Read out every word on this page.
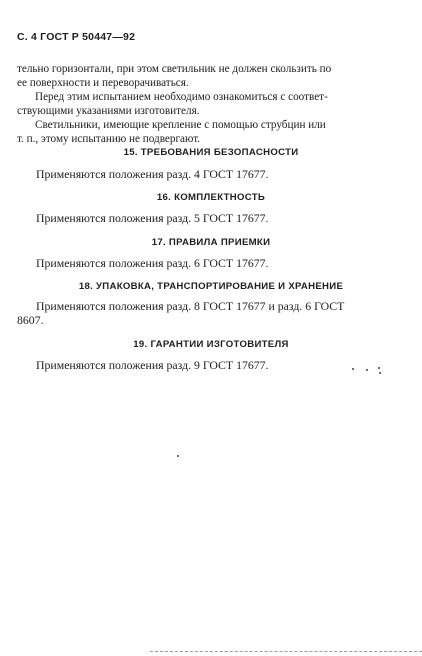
С. 4 ГОСТ Р 50447—92
тельно горизонтали, при этом светильник не должен скользить по
ее поверхности и переворачиваться.
Перед этим испытанием необходимо ознакомиться с соответ-
ствующими указаниями изготовителя.
Светильники, имеющие крепление с помощью струбцин или
т. п., этому испытанию не подвергают.
15. ТРЕБОВАНИЯ БЕЗОПАСНОСТИ
Применяются положения разд. 4 ГОСТ 17677.
16. КОМПЛЕКТНОСТЬ
Применяются положения разд. 5 ГОСТ 17677.
17. ПРАВИЛА ПРИЕМКИ
Применяются положения разд. 6 ГОСТ 17677.
18. УПАКОВКА, ТРАНСПОРТИРОВАНИЕ И ХРАНЕНИЕ
Применяются положения разд. 8 ГОСТ 17677 и разд. 6 ГОСТ
8607.
19. ГАРАНТИИ ИЗГОТОВИТЕЛЯ
Применяются положения разд. 9 ГОСТ 17677.
